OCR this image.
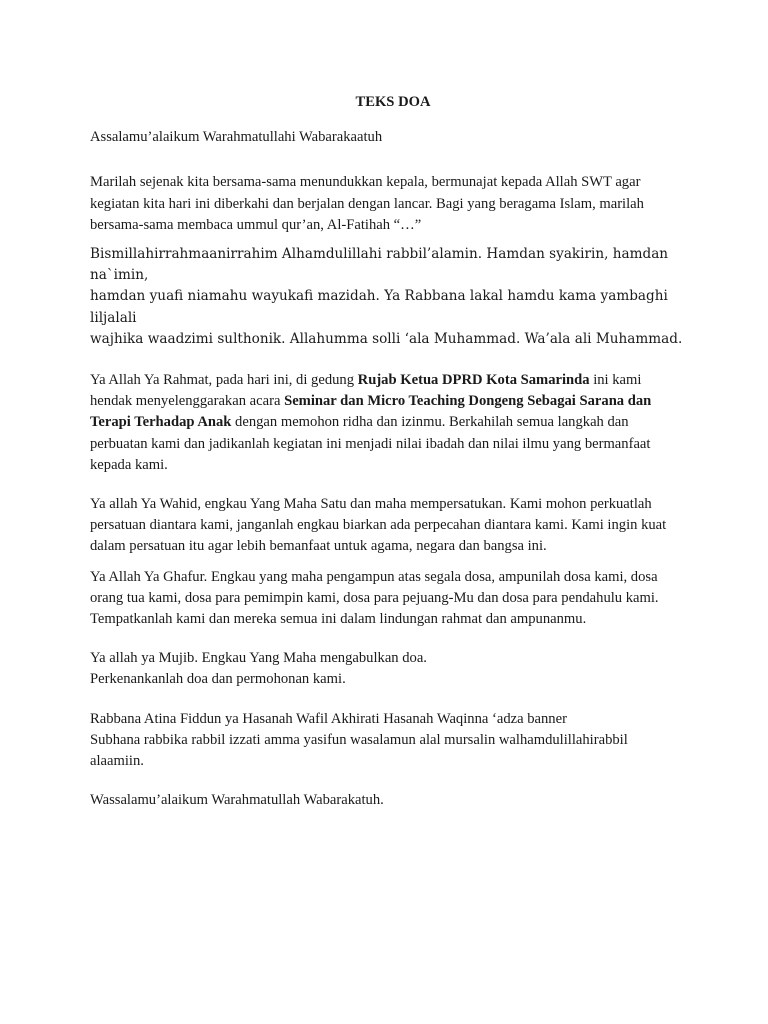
TEKS DOA

Assalamu’alaikum Warahmatullahi Wabarakaatuh

Marilah sejenak kita bersama-sama menundukkan kepala, bermunajat kepada Allah SWT agar

kegiatan kita hari ini diberkahi dan berjalan dengan lancar. Bagi yang beragama Islam, marilah

bersama-sama membaca ummul qur’an, Al-Fatihah “…”

Bismillahirrahmaanirrahim Alhamdulillahi rabbil’alamin. Hamdan syakirin, hamdan na`imin,

hamdan yuafi niamahu wayukafi mazidah. Ya Rabbana lakal hamdu kama yambaghi liljalali

wajhika waadzimi sulthonik. Allahumma solli ‘ala Muhammad. Wa’ala ali Muhammad.

Ya Allah Ya Rahmat, pada hari ini, di gedung Rujab Ketua DPRD Kota Samarinda ini kami

hendak menyelenggarakan acara Seminar dan Micro Teaching Dongeng Sebagai Sarana dan

Terapi Terhadap Anak dengan memohon ridha dan izinmu. Berkahilah semua langkah dan

perbuatan kami dan jadikanlah kegiatan ini menjadi nilai ibadah dan nilai ilmu yang bermanfaat

kepada kami.

Ya allah Ya Wahid, engkau Yang Maha Satu dan maha mempersatukan. Kami mohon perkuatlah

persatuan diantara kami, janganlah engkau biarkan ada perpecahan diantara kami. Kami ingin kuat

dalam persatuan itu agar lebih bemanfaat untuk agama, negara dan bangsa ini.

Ya Allah Ya Ghafur. Engkau yang maha pengampun atas segala dosa, ampunilah dosa kami, dosa

orang tua kami, dosa para pemimpin kami, dosa para pejuang-Mu dan dosa para pendahulu kami.

Tempatkanlah kami dan mereka semua ini dalam lindungan rahmat dan ampunanmu.

Ya allah ya Mujib. Engkau Yang Maha mengabulkan doa.

Perkenankanlah doa dan permohonan kami.

Rabbana Atina Fiddun ya Hasanah Wafil Akhirati Hasanah Waqinna ‘adza banner

Subhana rabbika rabbil izzati amma yasifun wasalamun alal mursalin walhamdulillahirabbil

alaamiin.

Wassalamu’alaikum Warahmatullah Wabarakatuh.
